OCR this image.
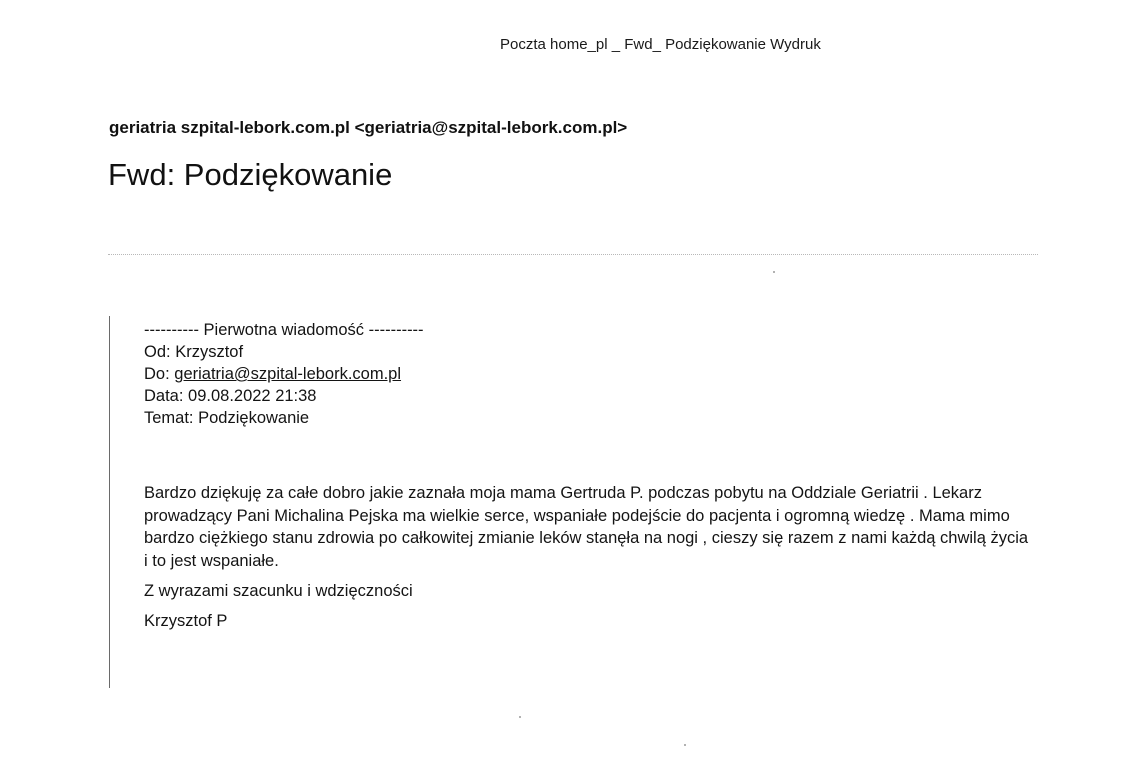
Poczta home_pl _ Fwd_ Podziękowanie Wydruk
geriatria szpital-lebork.com.pl <geriatria@szpital-lebork.com.pl>
Fwd: Podziękowanie
---------- Pierwotna wiadomość ----------
Od: Krzysztof
Do: geriatria@szpital-lebork.com.pl
Data: 09.08.2022 21:38
Temat: Podziękowanie
Bardzo dziękuję za całe dobro jakie zaznała moja mama Gertruda P. podczas pobytu na Oddziale Geriatrii . Lekarz prowadzący Pani Michalina Pejska ma wielkie serce, wspaniałe podejście do pacjenta i ogromną wiedzę . Mama mimo bardzo ciężkiego stanu zdrowia po całkowitej zmianie leków stanęła na nogi , cieszy się razem z nami każdą chwilą życia i to jest wspaniałe.
Z wyrazami szacunku i wdzięczności
Krzysztof P
